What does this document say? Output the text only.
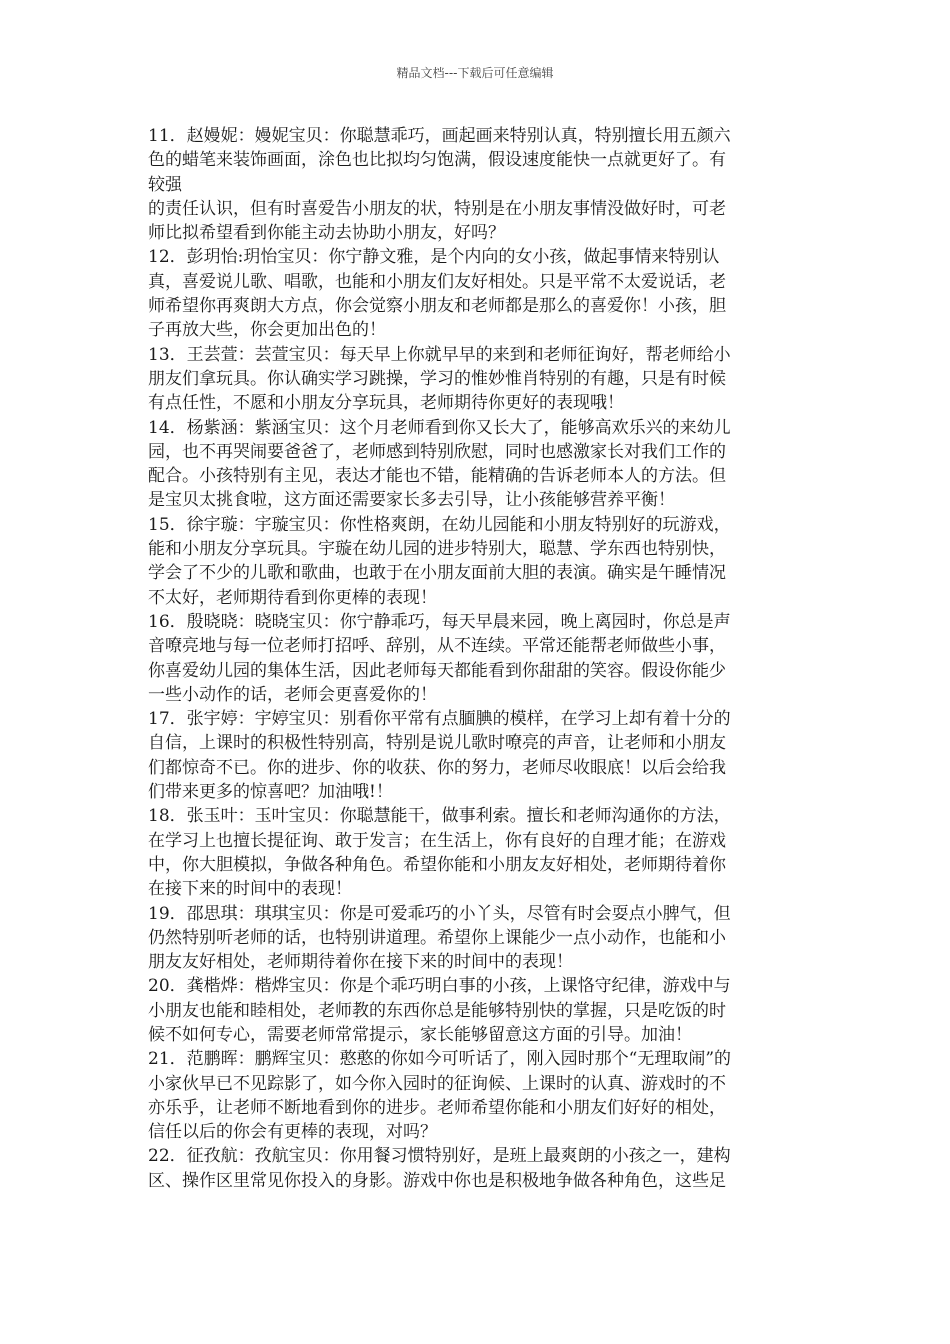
精品文档---下载后可任意编辑
11．赵嫚妮：嫚妮宝贝：你聪慧乖巧，画起画来特别认真，特别擅长用五颜六
色的蜡笔来装饰画面，涂色也比拟均匀饱满，假设速度能快一点就更好了。有
较强
的责任认识，但有时喜爱告小朋友的状，特别是在小朋友事情没做好时，可老
师比拟希望看到你能主动去协助小朋友，好吗？
12．彭玥怡:玥怡宝贝：你宁静文雅，是个内向的女小孩，做起事情来特别认
真，喜爱说儿歌、唱歌，也能和小朋友们友好相处。只是平常不太爱说话，老
师希望你再爽朗大方点，你会觉察小朋友和老师都是那么的喜爱你！小孩，胆
子再放大些，你会更加出色的！
13．王芸萱：芸萱宝贝：每天早上你就早早的来到和老师征询好，帮老师给小
朋友们拿玩具。你认确实学习跳操，学习的惟妙惟肖特别的有趣，只是有时候
有点任性，不愿和小朋友分享玩具，老师期待你更好的表现哦！
14．杨紫涵：紫涵宝贝：这个月老师看到你又长大了，能够高欢乐兴的来幼儿
园，也不再哭闹要爸爸了，老师感到特别欣慰，同时也感激家长对我们工作的
配合。小孩特别有主见，表达才能也不错，能精确的告诉老师本人的方法。但
是宝贝太挑食啦，这方面还需要家长多去引导，让小孩能够营养平衡！
15．徐宇璇：宇璇宝贝：你性格爽朗，在幼儿园能和小朋友特别好的玩游戏，
能和小朋友分享玩具。宇璇在幼儿园的进步特别大，聪慧、学东西也特别快，
学会了不少的儿歌和歌曲，也敢于在小朋友面前大胆的表演。确实是午睡情况
不太好，老师期待看到你更棒的表现！
16．殷晓晓：晓晓宝贝：你宁静乖巧，每天早晨来园，晚上离园时，你总是声
音嘹亮地与每一位老师打招呼、辞别，从不连续。平常还能帮老师做些小事，
你喜爱幼儿园的集体生活，因此老师每天都能看到你甜甜的笑容。假设你能少
一些小动作的话，老师会更喜爱你的！
17．张宇婷：宇婷宝贝：别看你平常有点腼腆的模样，在学习上却有着十分的
自信，上课时的积极性特别高，特别是说儿歌时嘹亮的声音，让老师和小朋友
们都惊奇不已。你的进步、你的收获、你的努力，老师尽收眼底！以后会给我
们带来更多的惊喜吧？加油哦!！
18．张玉叶：玉叶宝贝：你聪慧能干，做事利索。擅长和老师沟通你的方法，
在学习上也擅长提征询、敢于发言；在生活上，你有良好的自理才能；在游戏
中，你大胆模拟，争做各种角色。希望你能和小朋友友好相处，老师期待着你
在接下来的时间中的表现！
19．邵思琪：琪琪宝贝：你是可爱乖巧的小丫头，尽管有时会耍点小脾气，但
仍然特别听老师的话，也特别讲道理。希望你上课能少一点小动作，也能和小
朋友友好相处，老师期待着你在接下来的时间中的表现！
20．龚楷烨：楷烨宝贝：你是个乖巧明白事的小孩，上课恪守纪律，游戏中与
小朋友也能和睦相处，老师教的东西你总是能够特别快的掌握，只是吃饭的时
候不如何专心，需要老师常常提示，家长能够留意这方面的引导。加油！
21．范鹏晖：鹏辉宝贝：憨憨的你如今可听话了，刚入园时那个“无理取闹”的
小家伙早已不见踪影了，如今你入园时的征询候、上课时的认真、游戏时的不
亦乐乎，让老师不断地看到你的进步。老师希望你能和小朋友们好好的相处，
信任以后的你会有更棒的表现，对吗？
22．征孜航：孜航宝贝：你用餐习惯特别好，是班上最爽朗的小孩之一，建构
区、操作区里常见你投入的身影。游戏中你也是积极地争做各种角色，这些足
